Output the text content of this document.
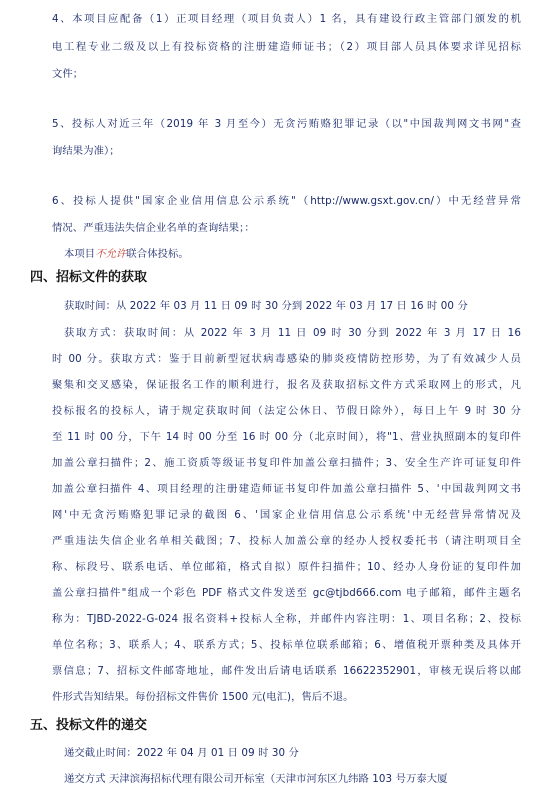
4、本项目应配备（1）正项目经理（项目负责人）1 名，具有建设行政主管部门颁发的机
电工程专业二级及以上有投标资格的注册建造师证书；（2）项目部人员具体要求详见招标
文件；
5、投标人对近三年（2019 年 3 月至今）无贪污贿赂犯罪记录（以"中国裁判网文书网"查
询结果为准）；
6、投标人提供"国家企业信用信息公示系统"（http://www.gsxt.gov.cn/）中无经营异常
情况、严重违法失信企业名单的查询结果；：
本项目不允许联合体投标。
四、招标文件的获取
获取时间：从 2022 年 03 月 11 日 09 时 30 分到 2022 年 03 月 17 日 16 时 00 分
获取方式：获取时间：从 2022 年 3 月 11 日 09 时 30 分到 2022 年 3 月 17 日 16
时 00 分。获取方式：鉴于目前新型冠状病毒感染的肺炎疫情防控形势，为了有效减少人员
聚集和交叉感染，保证报名工作的顺利进行，报名及获取招标文件方式采取网上的形式，凡
投标报名的投标人，请于规定获取时间（法定公休日、节假日除外），每日上午 9 时 30 分
至 11 时 00 分，下午 14 时 00 分至 16 时 00 分（北京时间），将"1、营业执照副本的复印件
加盖公章扫描件；2、施工资质等级证书复印件加盖公章扫描件；3、安全生产许可证复印件
加盖公章扫描件 4、项目经理的注册建造师证书复印件加盖公章扫描件 5、'中国裁判网文书
网'中无贪污贿赂犯罪记录的截图 6、'国家企业信用信息公示系统'中无经营异常情况及
严重违法失信企业名单相关截图；7、投标人加盖公章的经办人授权委托书（请注明项目全
称、标段号、联系电话、单位邮箱，格式自拟）原件扫描件；10、经办人身份证的复印件加
盖公章扫描件"组成一个彩色 PDF 格式文件发送至 gc@tjbd666.com 电子邮箱，邮件主题名
称为：TJBD-2022-G-024 报名资料+投标人全称，并邮件内容注明：1、项目名称；2、投标
单位名称；3、联系人；4、联系方式；5、投标单位联系邮箱；6、增值税开票种类及具体开
票信息；7、招标文件邮寄地址，邮件发出后请电话联系 16622352901，审核无误后将以邮
件形式告知结果。每份招标文件售价 1500 元(电汇)，售后不退。
五、投标文件的递交
递交截止时间：2022 年 04 月 01 日 09 时 30 分
递交方式 天津滨海招标代理有限公司开标室（天津市河东区九纬路 103 号万泰大厦
